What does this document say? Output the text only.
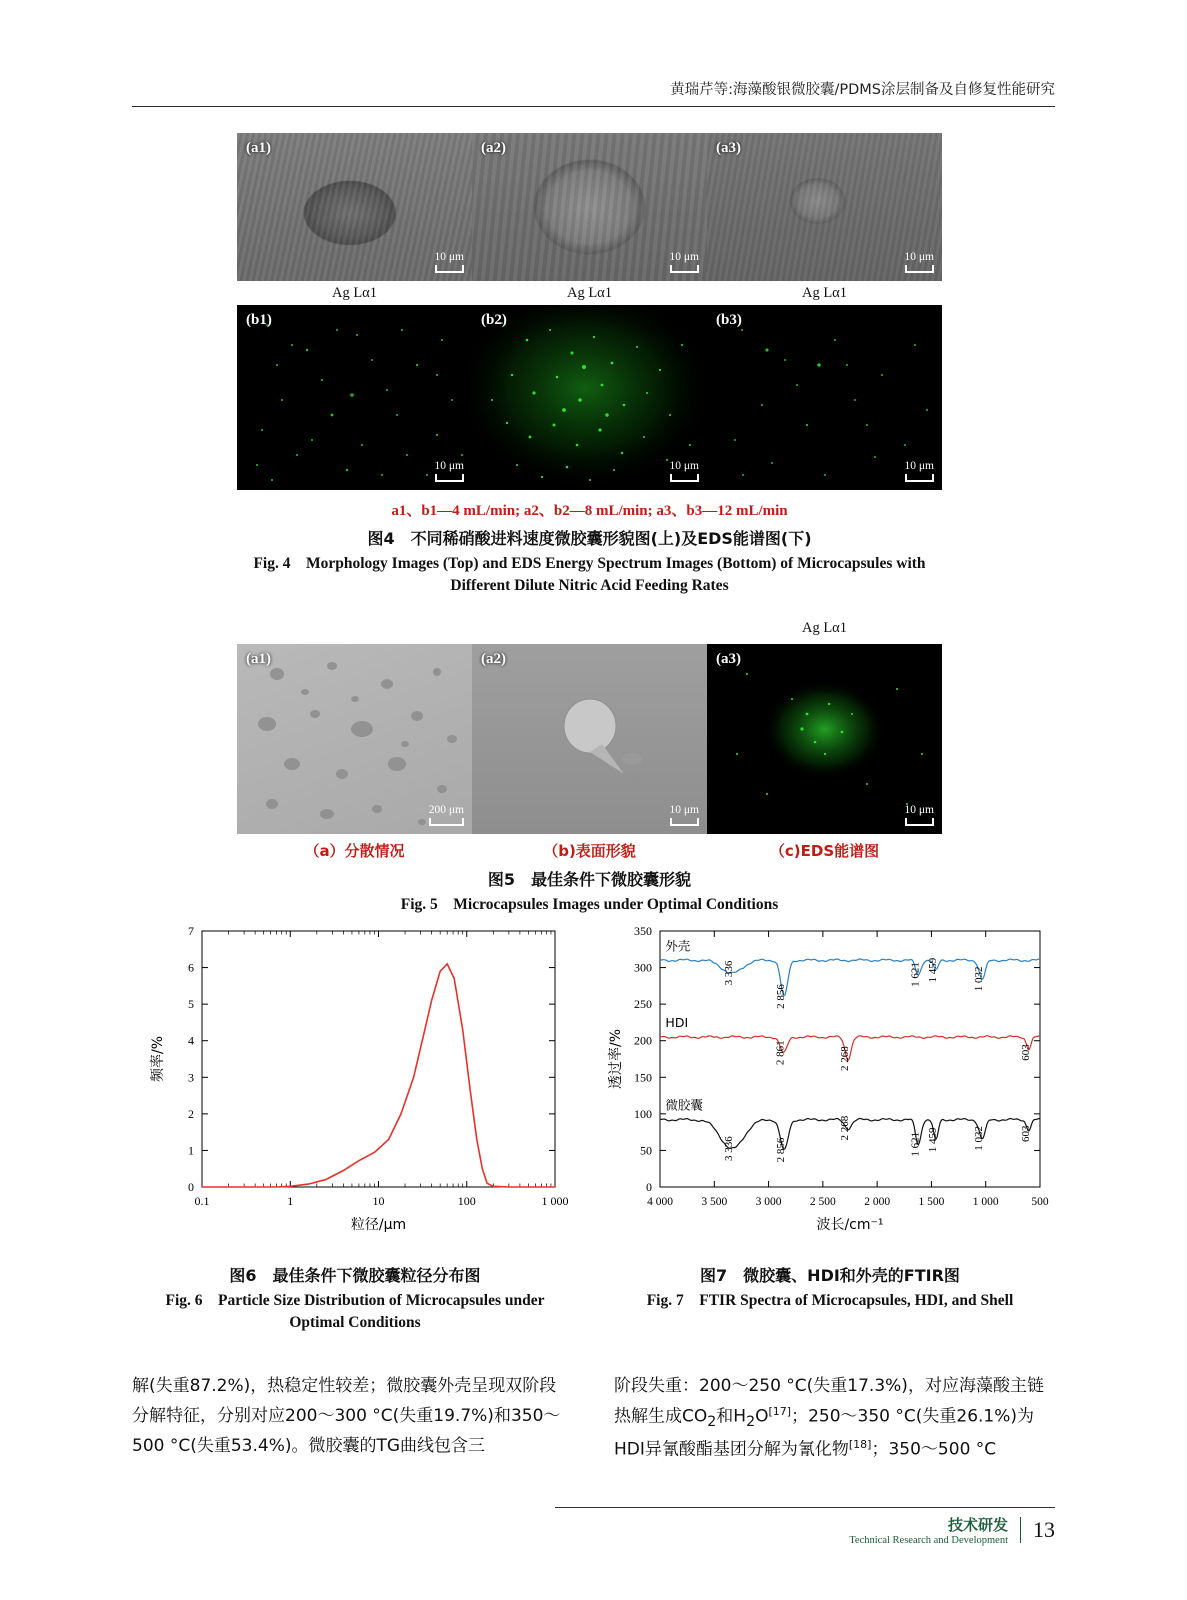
黄瑞芹等:海藻酸银微胶囊/PDMS涂层制备及自修复性能研究
(a1)
10 μm
(a2)
10 μm
(a3)
10 μm
Ag Lα1	Ag Lα1	Ag Lα1
(b1)
10 μm
(b2)
10 μm
(b3)
10 μm
a1、b1—4 mL/min; a2、b2—8 mL/min; a3、b3—12 mL/min
图4　不同稀硝酸进料速度微胶囊形貌图(上)及EDS能谱图(下)
Fig. 4　Morphology Images (Top) and EDS Energy Spectrum Images (Bottom) of Microcapsules with Different Dilute Nitric Acid Feeding Rates
Ag Lα1
(a1)
200 μm
(a2)
10 μm
(a3)
10 μm
（a）分散情况	（b)表面形貌	（c)EDS能谱图
图5　最佳条件下微胶囊形貌
Fig. 5　Microcapsules Images under Optimal Conditions
0
1
2
3
4
5
6
7
0.1	1	10	100	1 000
粒径/μm
频率/%
图6　最佳条件下微胶囊粒径分布图
Fig. 6　Particle Size Distribution of Microcapsules under Optimal Conditions
0
50
100
150
200
250
300
350
4 000 3 500 3 000 2 500 2 000 1 500 1 000	500
外壳
3 336
2 856
1 621 1 459	1 032
HDI
2 861	2 268	603
微胶囊
3 336	2 856
2 268
1 621 1 459	1 032	603
波长/cm⁻¹
透过率/%
图7　微胶囊、HDI和外壳的FTIR图
Fig. 7　FTIR Spectra of Microcapsules, HDI, and Shell
解(失重87.2%)，热稳定性较差；微胶囊外壳呈现双阶段分解特征，分别对应200～300 °C(失重19.7%)和350～500 °C(失重53.4%)。微胶囊的TG曲线包含三
阶段失重：200～250 °C(失重17.3%)，对应海藻酸主链热解生成$CO_2$和$H_2O[17]$；250～350 °C(失重26.1%)为HDI异氰酸酯基团分解为氰化物[18]；350～500 °C
技术研发
Technical Research and Development	13
